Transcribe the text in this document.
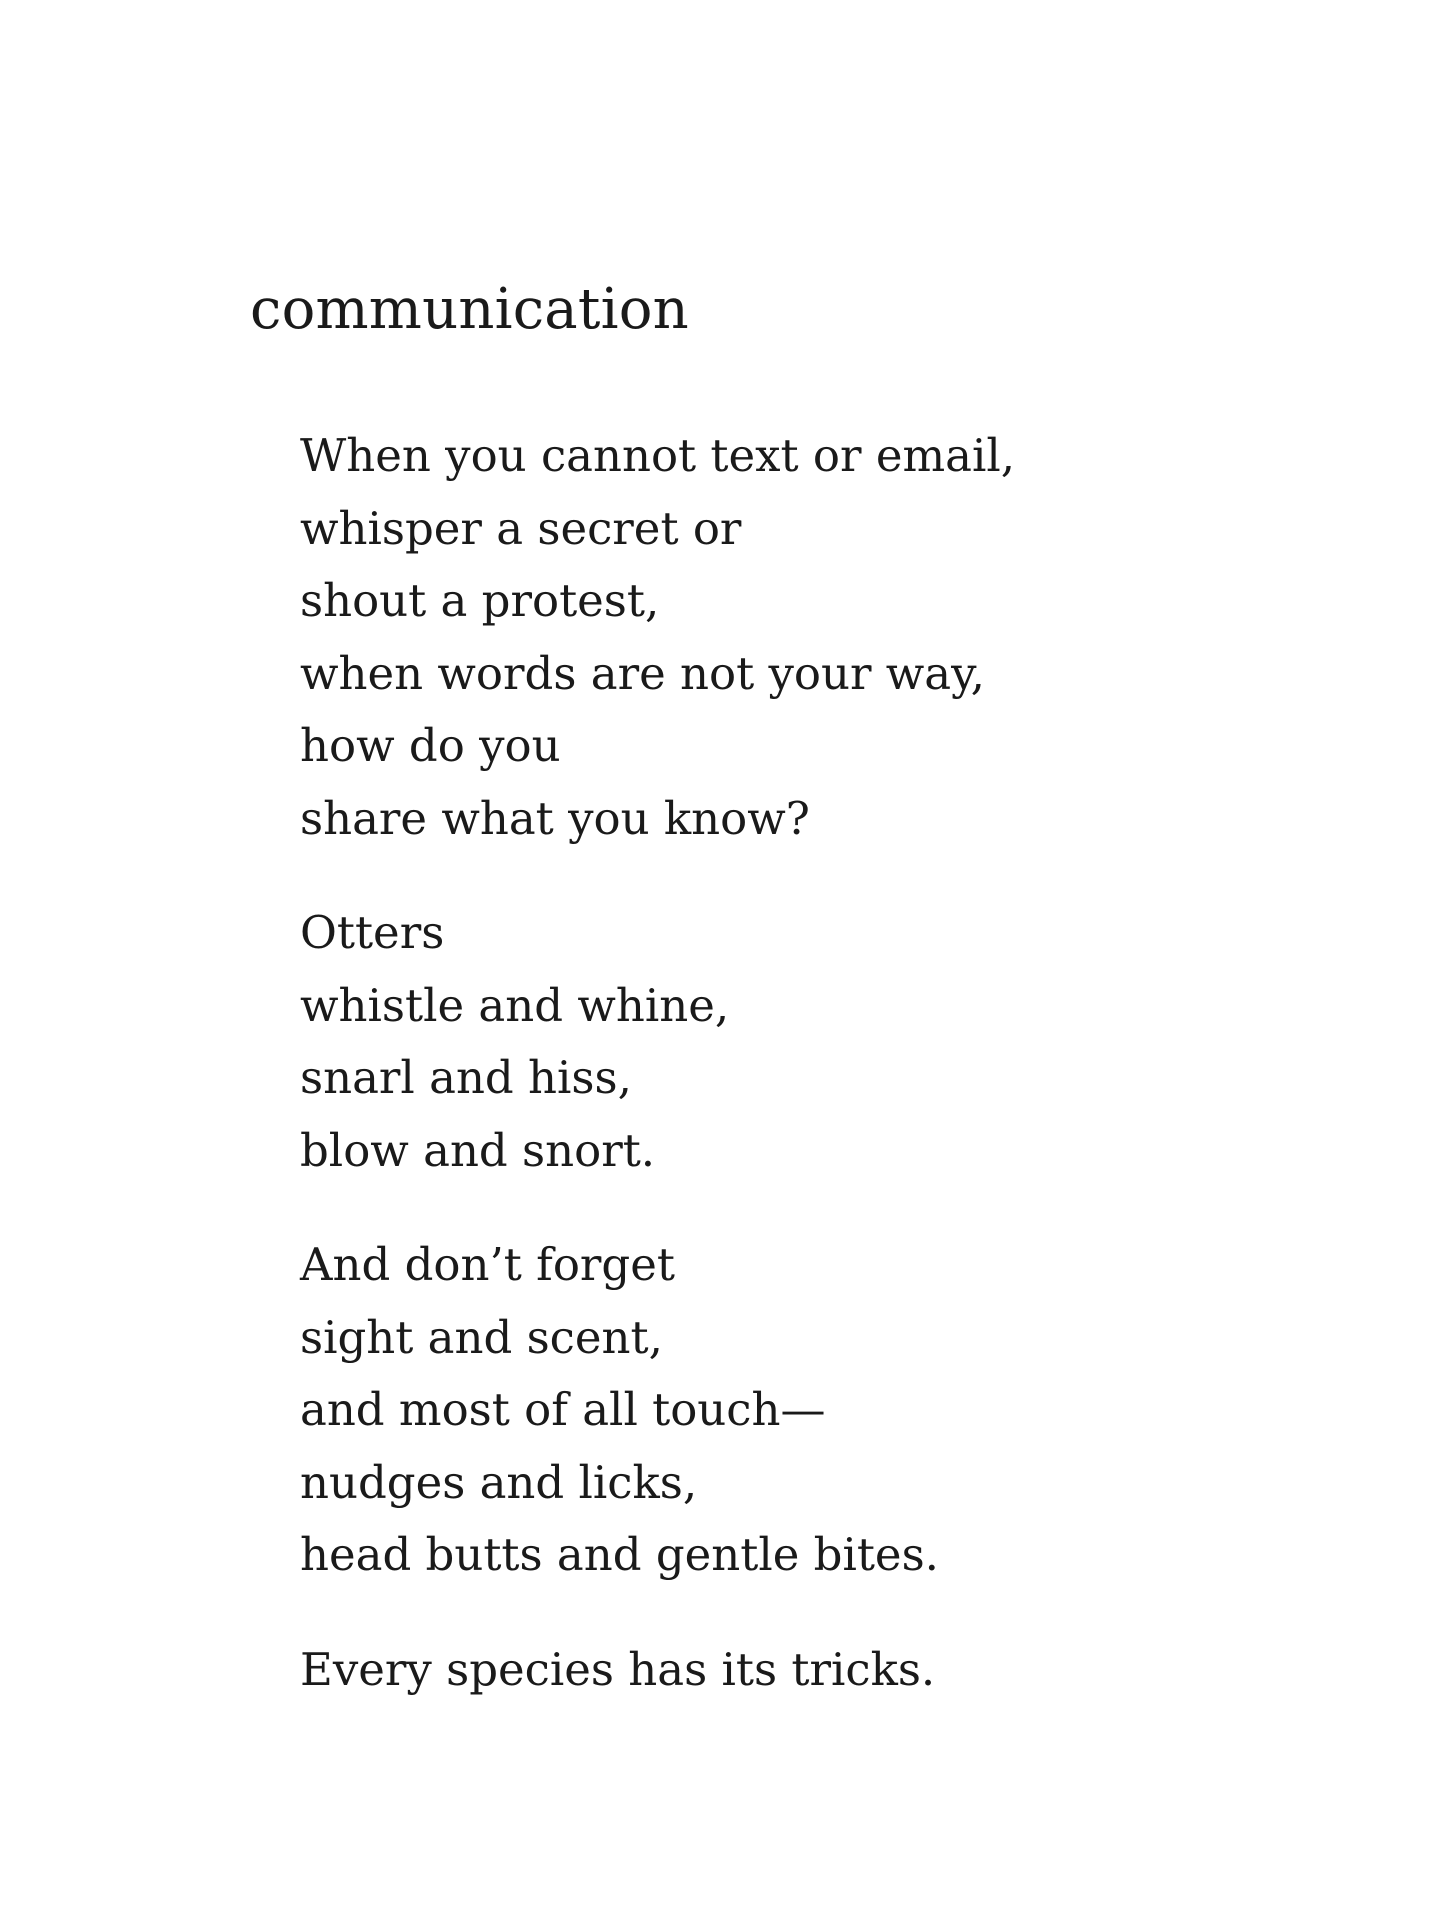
communication
When you cannot text or email,
whisper a secret or
shout a protest,
when words are not your way,
how do you
share what you know?
Otters
whistle and whine,
snarl and hiss,
blow and snort.
And don’t forget
sight and scent,
and most of all touch—
nudges and licks,
head butts and gentle bites.
Every species has its tricks.
